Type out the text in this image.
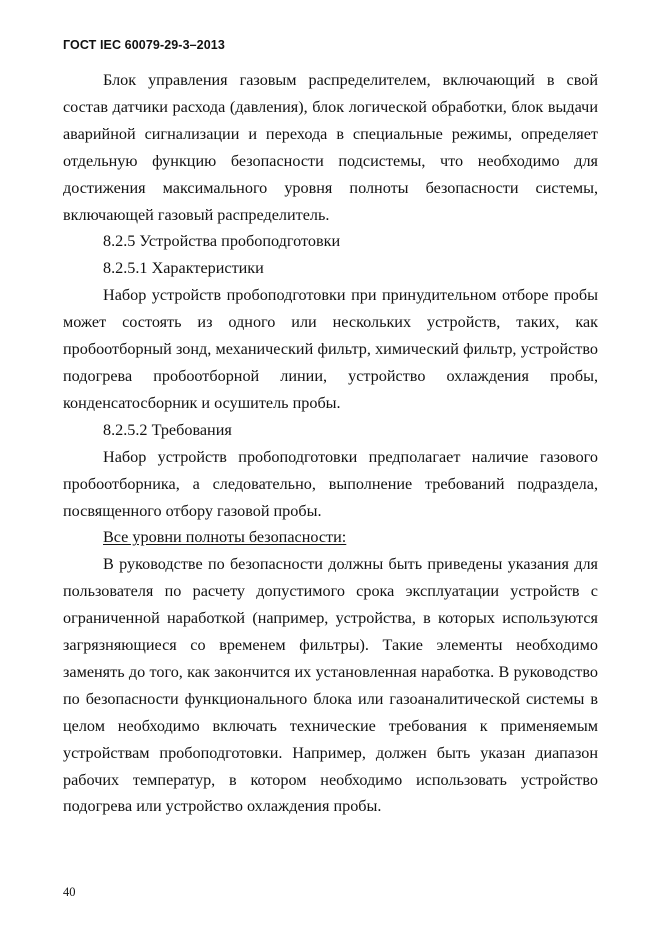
ГОСТ IEC 60079-29-3–2013

Блок управления газовым распределителем, включающий в свой состав датчики расхода (давления), блок логической обработки, блок выдачи аварийной сигнализации и перехода в специальные режимы, определяет отдельную функцию безопасности подсистемы, что необходимо для достижения максимального уровня полноты безопасности системы, включающей газовый распределитель.

8.2.5 Устройства пробоподготовки

8.2.5.1 Характеристики

Набор устройств пробоподготовки при принудительном отборе пробы может состоять из одного или нескольких устройств, таких, как пробоотборный зонд, механический фильтр, химический фильтр, устройство подогрева пробоотборной линии, устройство охлаждения пробы, конденсатосборник и осушитель пробы.

8.2.5.2 Требования

Набор устройств пробоподготовки предполагает наличие газового пробоотборника, а следовательно, выполнение требований подраздела, посвященного отбору газовой пробы.

Все уровни полноты безопасности:

В руководстве по безопасности должны быть приведены указания для пользователя по расчету допустимого срока эксплуатации устройств с ограниченной наработкой (например, устройства, в которых используются загрязняющиеся со временем фильтры). Такие элементы необходимо заменять до того, как закончится их установленная наработка. В руководство по безопасности функционального блока или газоаналитической системы в целом необходимо включать технические требования к применяемым устройствам пробоподготовки. Например, должен быть указан диапазон рабочих температур, в котором необходимо использовать устройство подогрева или устройство охлаждения пробы.

40
